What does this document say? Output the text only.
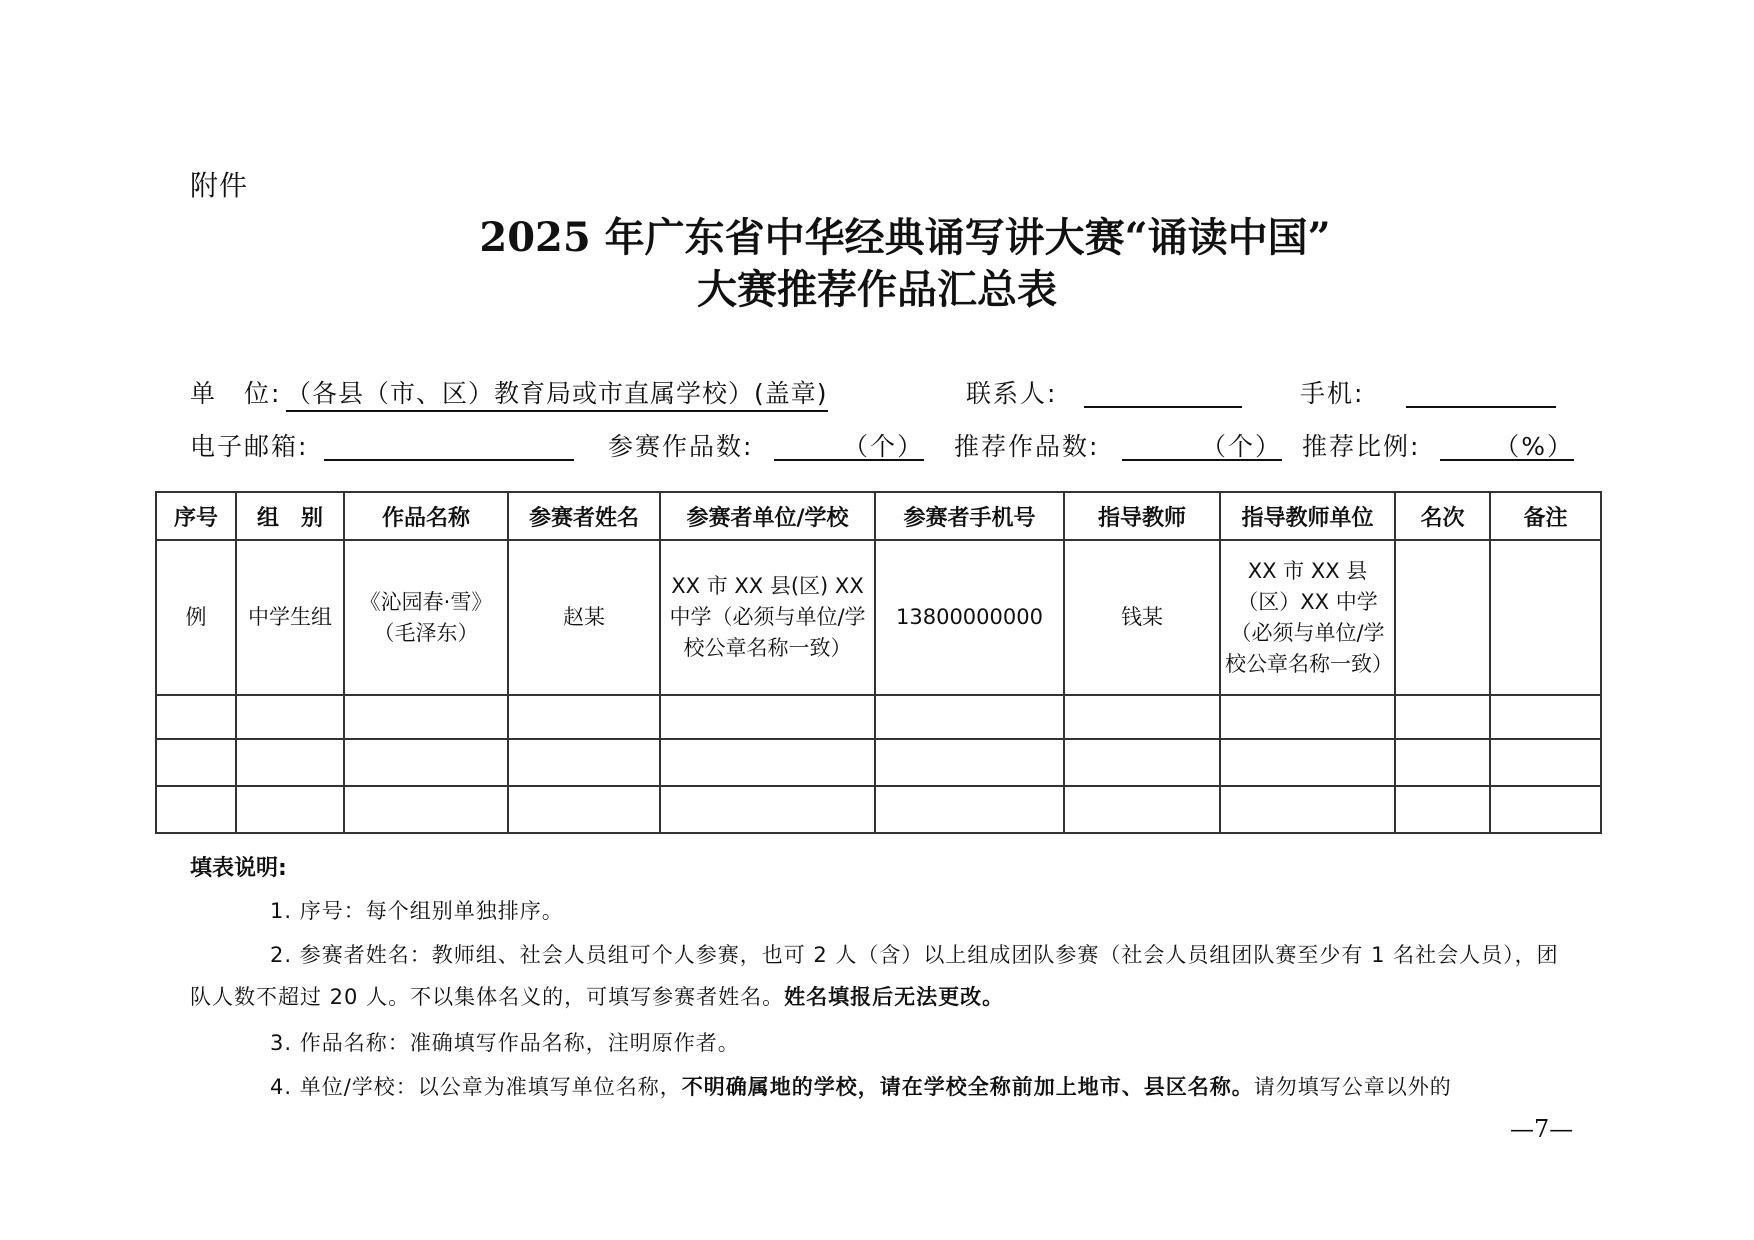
附件
2025 年广东省中华经典诵写讲大赛“诵读中国”
大赛推荐作品汇总表
单　位: （各县（市、区）教育局或市直属学校）(盖章)	联系人:	手机:
电子邮箱:	参赛作品数:	（个） 推荐作品数:	（个） 推荐比例:	（%）
序号	组　别	作品名称	参赛者姓名	参赛者单位/学校	参赛者手机号	指导教师	指导教师单位	名次	备注
例	中学生组	《沁园春·雪》（毛泽东）	赵某	XX 市 XX 县(区) XX 中学（必须与单位/学校公章名称一致）	13800000000	钱某	XX 市 XX 县（区）XX 中学（必须与单位/学校公章名称一致）		

填表说明:
1. 序号：每个组别单独排序。
2. 参赛者姓名：教师组、社会人员组可个人参赛，也可 2 人（含）以上组成团队参赛（社会人员组团队赛至少有 1 名社会人员），团队人数不超过 20 人。不以集体名义的，可填写参赛者姓名。姓名填报后无法更改。
3. 作品名称：准确填写作品名称，注明原作者。
4. 单位/学校：以公章为准填写单位名称，不明确属地的学校，请在学校全称前加上地市、县区名称。请勿填写公章以外的
—7—
